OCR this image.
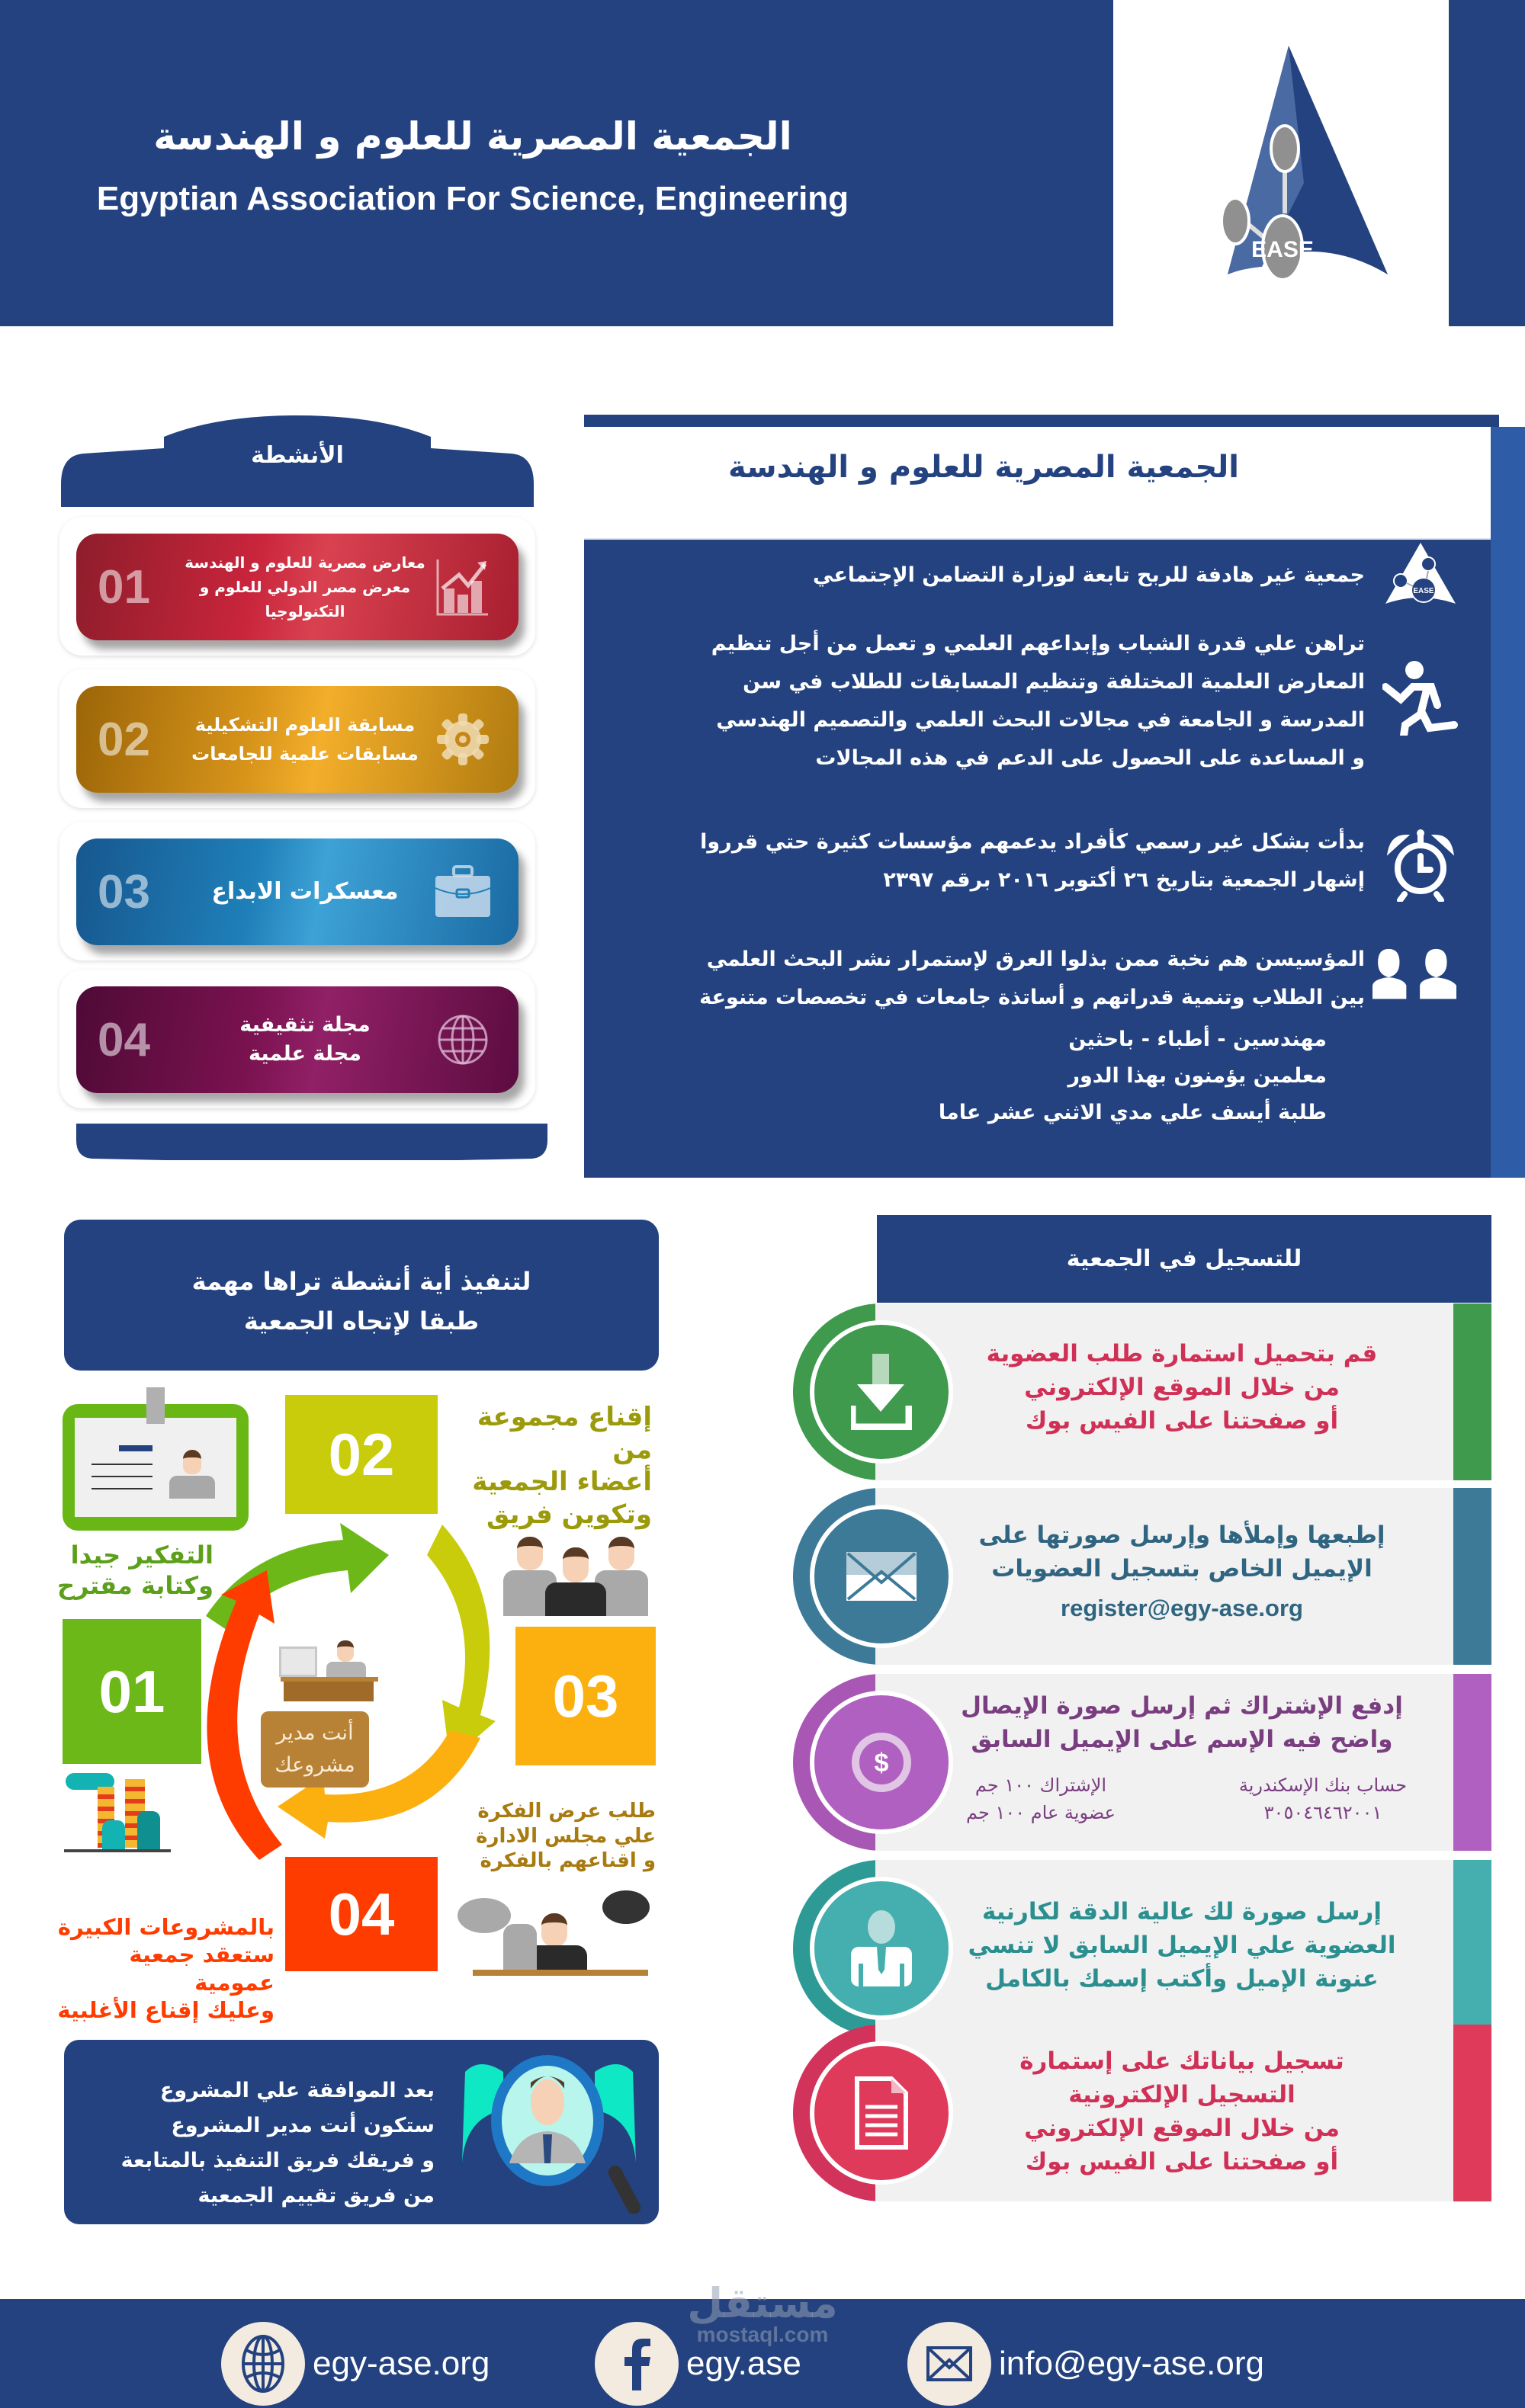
الجمعية المصرية للعلوم و الهندسة
Egyptian Association For Science, Engineering
EASE
الأنشطة
01	معارض مصرية للعلوم و الهندسة
معرض مصر الدولي للعلوم و التكنولوجيا
02	مسابقة العلوم التشكيلية
مسابقات علمية للجامعات
03	معسكرات الابداع
04	مجلة تثقيفية
مجلة علمية
الجمعية المصرية للعلوم و الهندسة
EASE
جمعية غير هادفة للربح تابعة لوزارة التضامن الإجتماعي
تراهن علي قدرة الشباب وإبداعهم العلمي و تعمل من أجل تنظيم
المعارض العلمية المختلفة وتنظيم المسابقات للطلاب في سن
المدرسة و الجامعة في مجالات البحث العلمي والتصميم الهندسي
و المساعدة على الحصول على الدعم في هذه المجالات
بدأت بشكل غير رسمي كأفراد يدعمهم مؤسسات كثيرة حتي قرروا
إشهار الجمعية بتاريخ ٢٦ أكتوبر ٢٠١٦ برقم ٢٣٩٧
المؤسيسن هم نخبة ممن بذلوا العرق لإستمرار نشر البحث العلمي
بين الطلاب وتنمية قدراتهم و أساتذة جامعات في تخصصات متنوعة
مهندسين - أطباء - باحثين
معلمين يؤمنون بهذا الدور
طلبة أيسف علي مدي الاثني عشر عاما
لتنفيذ أية أنشطة تراها مهمة
طبقا لإتجاه الجمعية
01
02
03
04
أنت مدير
مشروعك
التفكير جيدا
وكتابة مقترح
إقناع مجموعة من
أعضاء الجمعية
وتكوين فريق
طلب عرض الفكرة
علي مجلس الادارة
و اقناعهم بالفكرة
بالمشروعات الكبيرة
ستعقد جمعية عمومية
وعليك إقناع الأغلبية
بعد الموافقة علي المشروع
ستكون أنت مدير المشروع
و فريقك فريق التنفيذ بالمتابعة
من فريق تقييم الجمعية
للتسجيل في الجمعية
قم بتحميل استمارة طلب العضوية
من خلال الموقع الإلكتروني
أو صفحتنا على الفيس بوك
إطبعها وإملأها وإرسل صورتها على
الإيميل الخاص بتسجيل العضويات
register@egy-ase.org
$
إدفع الإشتراك ثم إرسل صورة الإيصال
واضح فيه الإسم على الإيميل السابق
حساب بنك الإسكندرية
٣٠٥٠٤٦٤٦٢٠٠١
الإشتراك ١٠٠ جم
عضوية عام ١٠٠ جم
إرسل صورة لك عالية الدقة لكارنية
العضوية علي الإيميل السابق لا تنسي
عنونة الإميل وأكتب إسمك بالكامل
تسجيل بياناتك على إستمارة
التسجيل الإلكترونية
من خلال الموقع الإلكتروني
أو صفحتنا على الفيس بوك
egy-ase.org	egy.ase	info@egy-ase.org
مستقل
mostaql.com
